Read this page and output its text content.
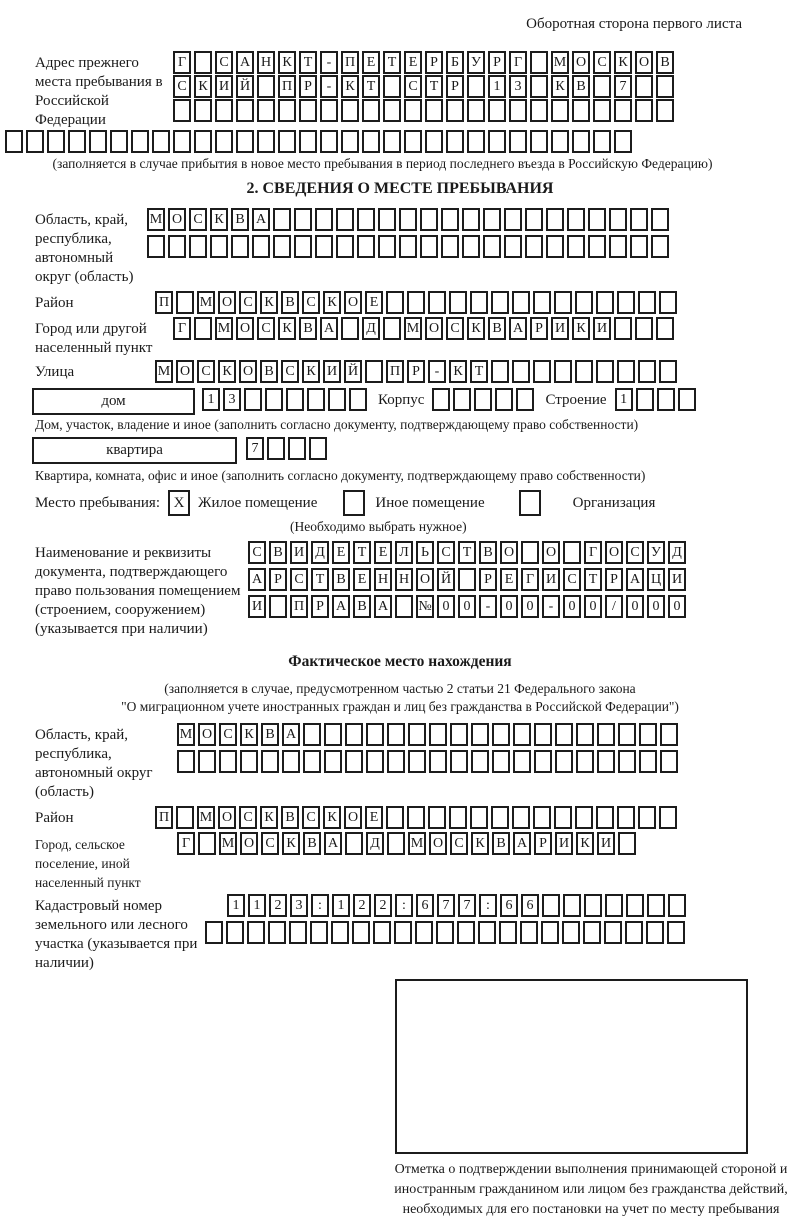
Оборотная сторона первого листа
Адрес прежнего места пребывания в Российской Федерации
Г	С А Н К Т	- П Е Т Е Р Б У Р Г	М О С К О В
С К И Й П Р	-	К Т	С Т Р	1	3	К В	7
(заполняется в случае прибытия в новое место пребывания в период последнего въезда в Российскую Федерацию)
2. СВЕДЕНИЯ О МЕСТЕ ПРЕБЫВАНИЯ
Область, край, республика, автономный округ (область)
М О С К В А
Район	П М О С К В С К О Е
Город или другой населенный пункт
Г	М О С К В А	Д	М О С К В А Р И К И
Улица	М О С К О В С К И Й П Р	-	К Т
дом	1	3	Корпус	Строение 1
Дом, участок, владение и иное (заполнить согласно документу, подтверждающему право собственности)
квартира	7
Квартира, комната, офис и иное (заполнить согласно документу, подтверждающему право собственности)
Место пребывания: X Жилое помещение	Иное помещение	Организация
(Необходимо выбрать нужное)
Наименование и реквизиты документа, подтверждающего право пользования помещением (строением, сооружением) (указывается при наличии)
С В И Д Е Т Е Л Ь С Т В О О	Г О С У Д
А Р С Т В Е Н Н О Й	Р Е Г И С Т Р А Ц И
И П Р А В А № 0	0	-	0	0	-	0	0	/	0	0	0
Фактическое место нахождения
(заполняется в случае, предусмотренном частью 2 статьи 21 Федерального закона
"О миграционном учете иностранных граждан и лиц без гражданства в Российской Федерации")
Область, край, республика, автономный округ (область)
М О С К В А
Район	П М О С К В С К О Е
Город, сельское поселение, иной населенный пункт
Г	М О С К В А	Д	М О С К В А Р И К И
Кадастровый номер земельного или лесного участка (указывается при наличии)
1	1	2	3	:	1	2	2	:	6	7	7	:	6	6
Отметка о подтверждении выполнения принимающей стороной и иностранным гражданином или лицом без гражданства действий, необходимых для его постановки на учет по месту пребывания
